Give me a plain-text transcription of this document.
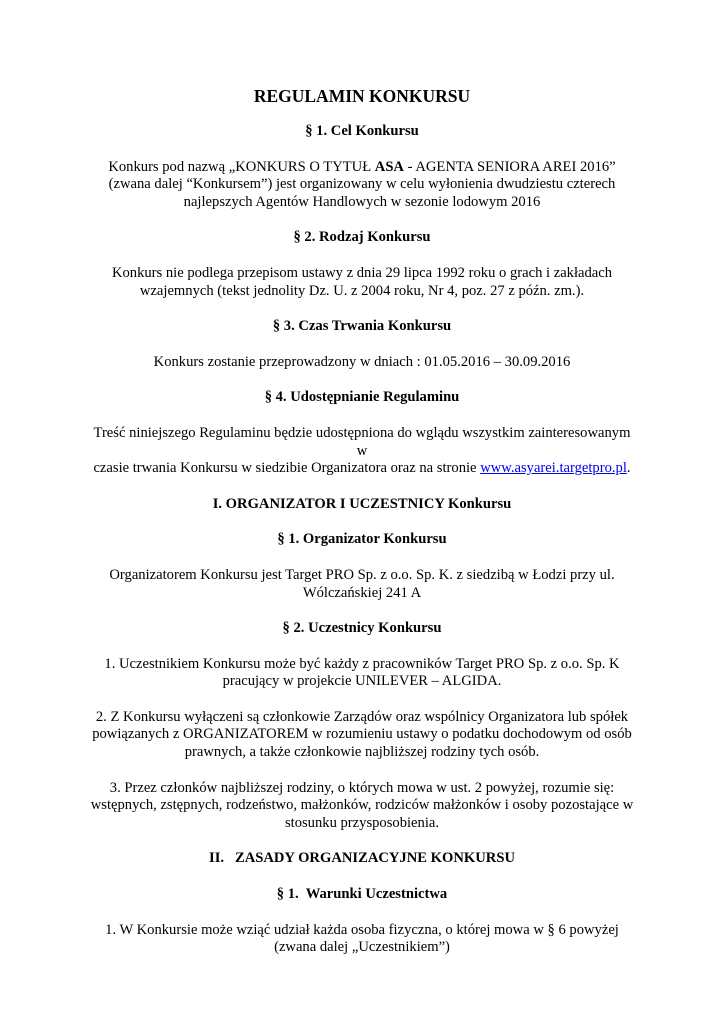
REGULAMIN KONKURSU
§ 1. Cel Konkursu
Konkurs pod nazwą „KONKURS O TYTUŁ ASA - AGENTA SENIORA AREI 2016”
(zwana dalej “Konkursem”) jest organizowany w celu wyłonienia dwudziestu czterech
najlepszych Agentów Handlowych w sezonie lodowym 2016
§ 2. Rodzaj Konkursu
Konkurs nie podlega przepisom ustawy z dnia 29 lipca 1992 roku o grach i zakładach
wzajemnych (tekst jednolity Dz. U. z 2004 roku, Nr 4, poz. 27 z późn. zm.).
§ 3. Czas Trwania Konkursu
Konkurs zostanie przeprowadzony w dniach : 01.05.2016 – 30.09.2016
§ 4. Udostępnianie Regulaminu
Treść niniejszego Regulaminu będzie udostępniona do wglądu wszystkim zainteresowanym w
czasie trwania Konkursu w siedzibie Organizatora oraz na stronie www.asyarei.targetpro.pl.
I. ORGANIZATOR I UCZESTNICY Konkursu
§ 1. Organizator Konkursu
Organizatorem Konkursu jest Target PRO Sp. z o.o. Sp. K. z siedzibą w Łodzi przy ul.
Wólczańskiej 241 A
§ 2. Uczestnicy Konkursu
1. Uczestnikiem Konkursu może być każdy z pracowników Target PRO Sp. z o.o. Sp. K
pracujący w projekcie UNILEVER – ALGIDA.
2. Z Konkursu wyłączeni są członkowie Zarządów oraz wspólnicy Organizatora lub spółek
powiązanych z ORGANIZATOREM w rozumieniu ustawy o podatku dochodowym od osób
prawnych, a także członkowie najbliższej rodziny tych osób.
3. Przez członków najbliższej rodziny, o których mowa w ust. 2 powyżej, rozumie się:
wstępnych, zstępnych, rodzeństwo, małżonków, rodziców małżonków i osoby pozostające w
stosunku przysposobienia.
II.   ZASADY ORGANIZACYJNE KONKURSU
§ 1.  Warunki Uczestnictwa
1. W Konkursie może wziąć udział każda osoba fizyczna, o której mowa w § 6 powyżej
(zwana dalej „Uczestnikiem”)
